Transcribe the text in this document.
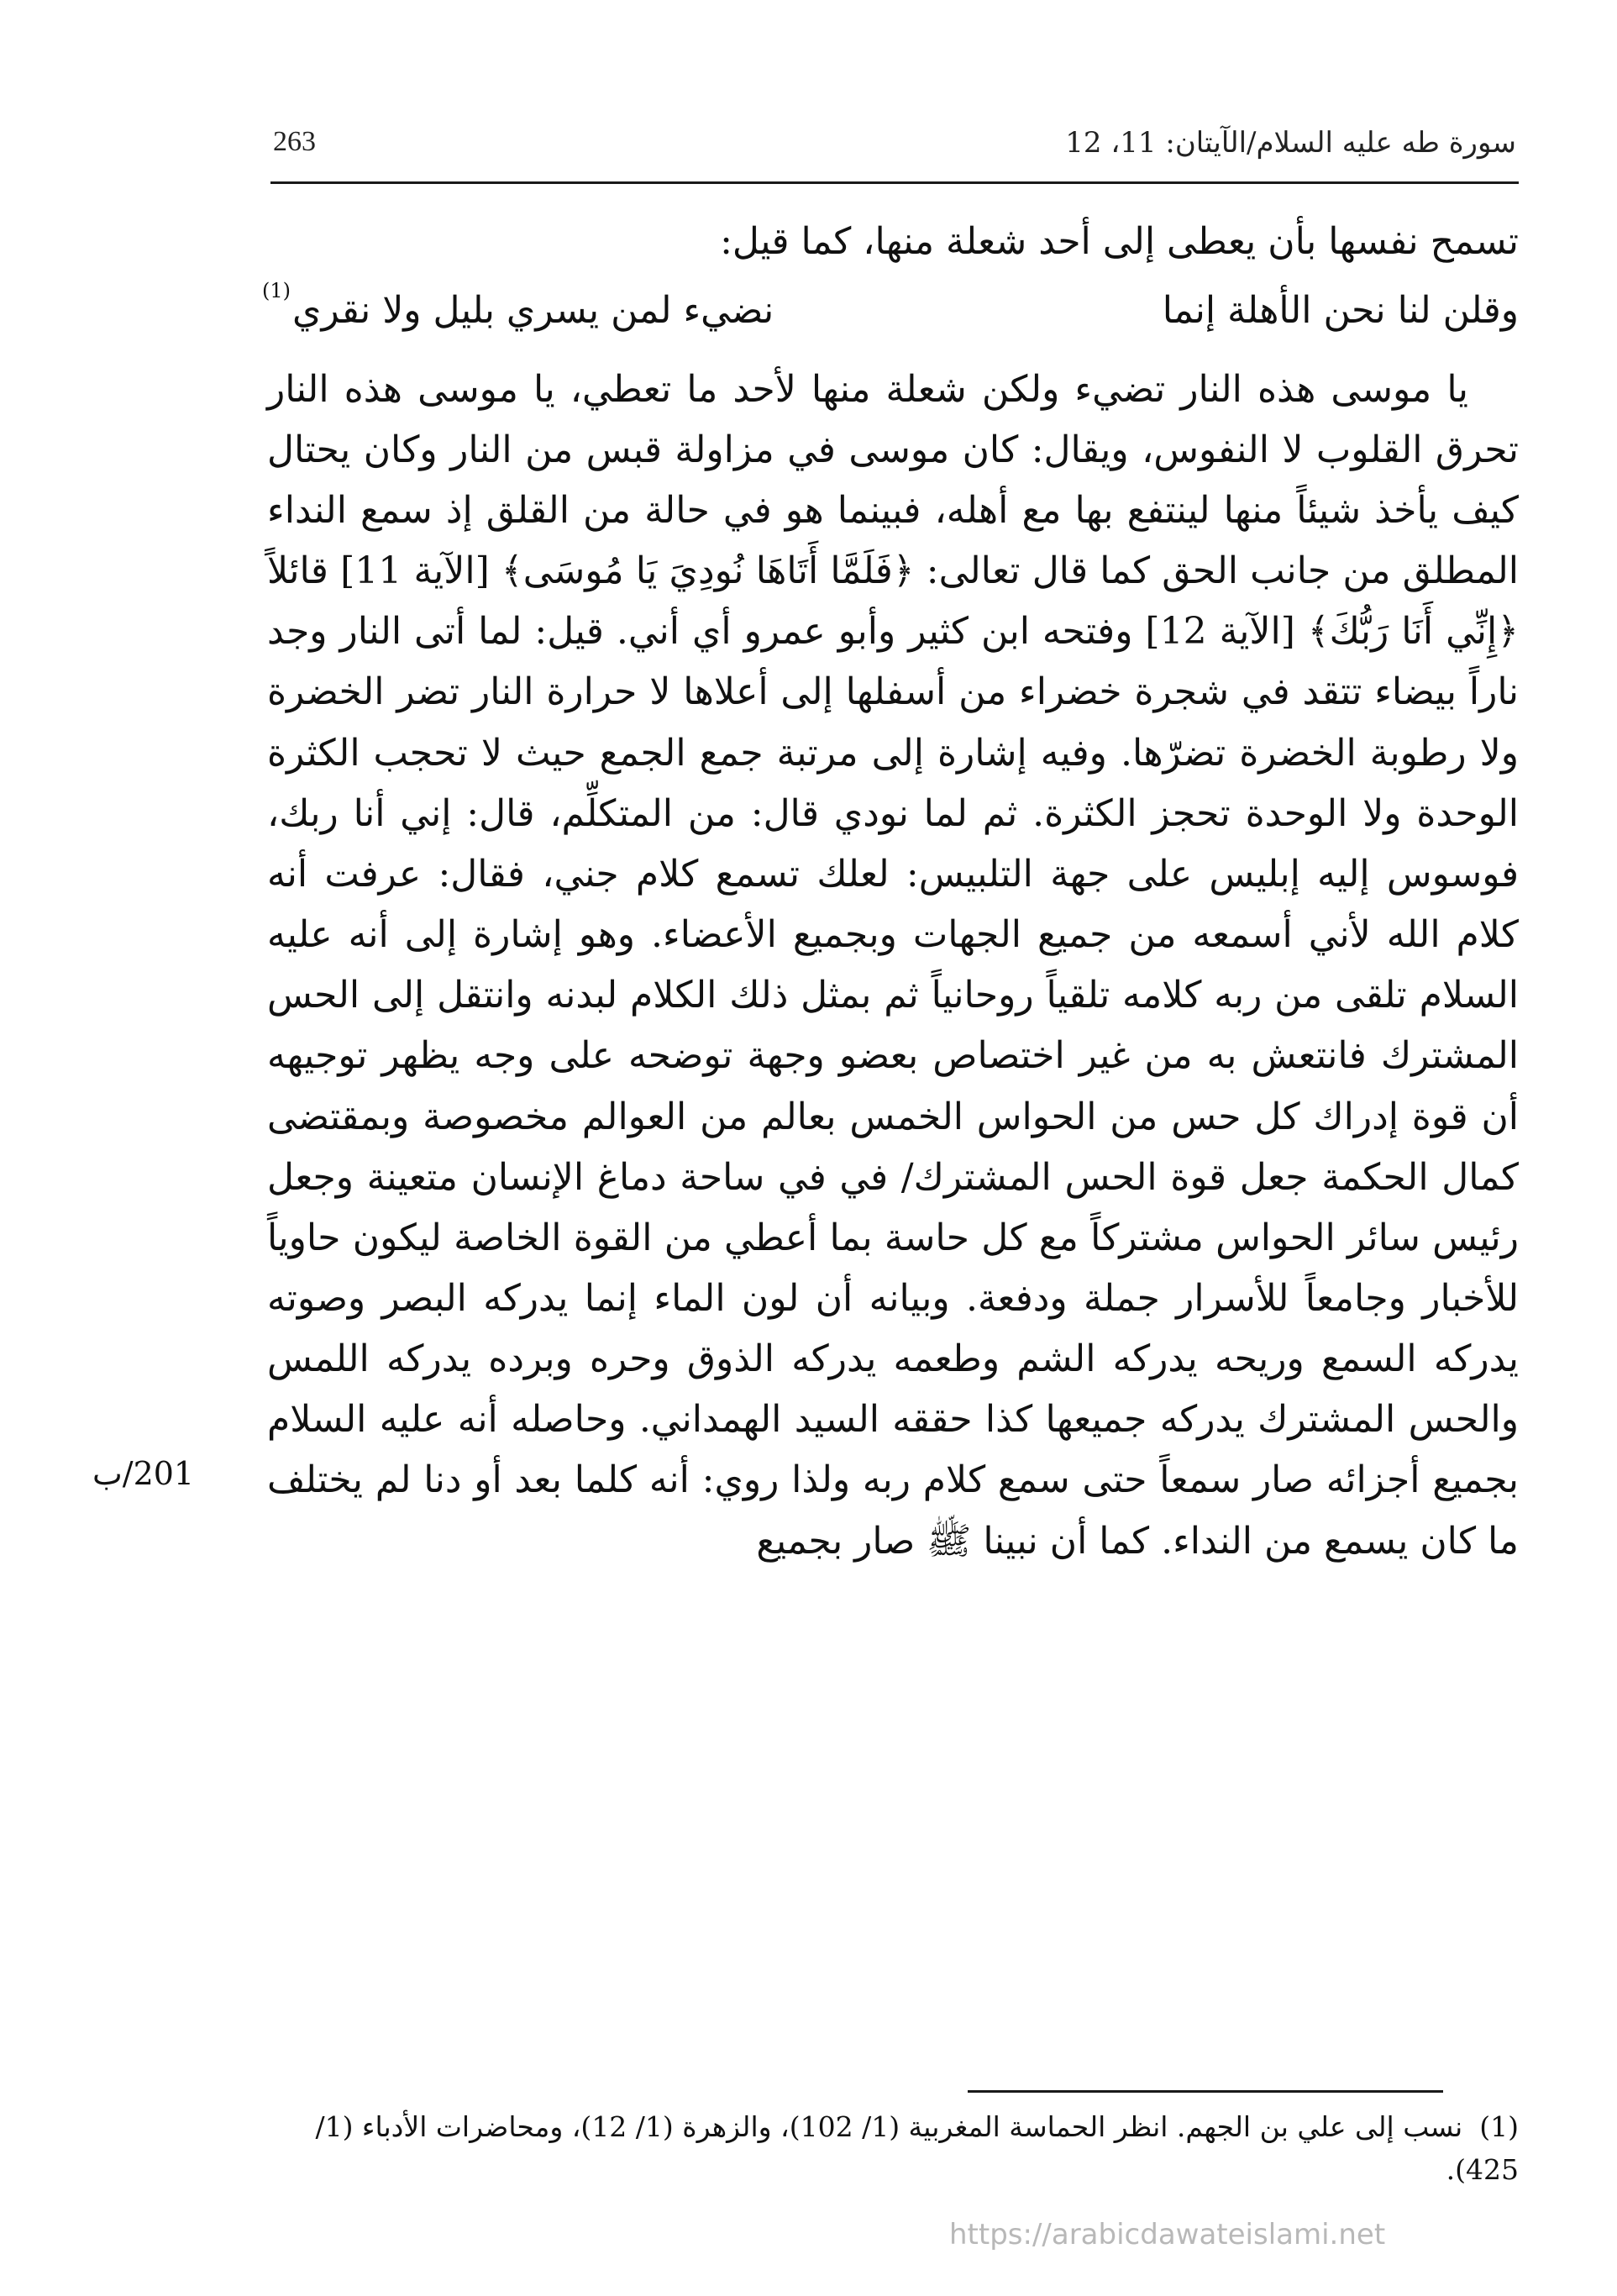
سورة طه عليه السلام/الآيتان: 11، 12
263

تسمح نفسها بأن يعطى إلى أحد شعلة منها، كما قيل:

وقلن لنا نحن الأهلة إنما
نضيء لمن يسري بليل ولا نقري
(1)

يا موسى هذه النار تضيء ولكن شعلة منها لأحد ما تعطي، يا موسى هذه النار تحرق القلوب لا النفوس، ويقال: كان موسى في مزاولة قبس من النار وكان يحتال كيف يأخذ شيئاً منها لينتفع بها مع أهله، فبينما هو في حالة من القلق إذ سمع النداء المطلق من جانب الحق كما قال تعالى: ﴿فَلَمَّا أَتَاهَا نُودِيَ يَا مُوسَى﴾ [الآية 11] قائلاً ﴿إِنِّي أَنَا رَبُّكَ﴾ [الآية 12] وفتحه ابن كثير وأبو عمرو أي أني. قيل: لما أتى النار وجد ناراً بيضاء تتقد في شجرة خضراء من أسفلها إلى أعلاها لا حرارة النار تضر الخضرة ولا رطوبة الخضرة تضرّها. وفيه إشارة إلى مرتبة جمع الجمع حيث لا تحجب الكثرة الوحدة ولا الوحدة تحجز الكثرة. ثم لما نودي قال: من المتكلِّم، قال: إني أنا ربك، فوسوس إليه إبليس على جهة التلبيس: لعلك تسمع كلام جني، فقال: عرفت أنه كلام الله لأني أسمعه من جميع الجهات وبجميع الأعضاء. وهو إشارة إلى أنه عليه السلام تلقى من ربه كلامه تلقياً روحانياً ثم بمثل ذلك الكلام لبدنه وانتقل إلى الحس المشترك فانتعش به من غير اختصاص بعضو وجهة توضحه على وجه يظهر توجيهه أن قوة إدراك كل حس من الحواس الخمس بعالم من العوالم مخصوصة وبمقتضى كمال الحكمة جعل قوة الحس المشترك/ في في ساحة دماغ الإنسان متعينة وجعل رئيس سائر الحواس مشتركاً مع كل حاسة بما أعطي من القوة الخاصة ليكون حاوياً للأخبار وجامعاً للأسرار جملة ودفعة. وبيانه أن لون الماء إنما يدركه البصر وصوته يدركه السمع وريحه يدركه الشم وطعمه يدركه الذوق وحره وبرده يدركه اللمس والحس المشترك يدركه جميعها كذا حققه السيد الهمداني. وحاصله أنه عليه السلام بجميع أجزائه صار سمعاً حتى سمع كلام ربه ولذا روي: أنه كلما بعد أو دنا لم يختلف ما كان يسمع من النداء. كما أن نبينا ﷺ صار بجميع

201/ب
(1)نسب إلى علي بن الجهم. انظر الحماسة المغربية (1/ 102)، والزهرة (1/ 12)، ومحاضرات الأدباء (1/ 425).
https://arabicdawateislami.net
